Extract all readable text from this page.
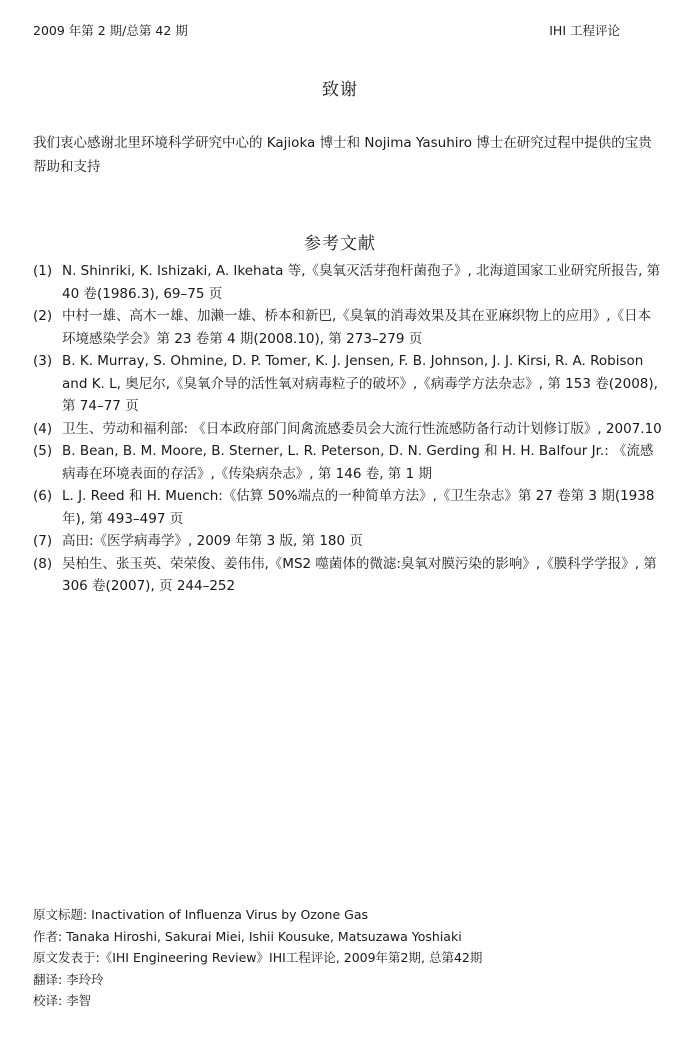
2009 年第 2 期/总第 42 期	IHI 工程评论
致谢
我们衷心感谢北里环境科学研究中心的 Kajioka 博士和 Nojima Yasuhiro 博士在研究过程中提供的宝贵帮助和支持
参考文献
(1) N. Shinriki, K. Ishizaki, A. Ikehata 等,《臭氧灭活芽孢杆菌孢子》, 北海道国家工业研究所报告, 第 40 卷(1986.3), 69–75 页
(2) 中村一雄、高木一雄、加濑一雄、桥本和新巴,《臭氧的消毒效果及其在亚麻织物上的应用》,《日本环境感染学会》第 23 卷第 4 期(2008.10), 第 273–279 页
(3) B. K. Murray, S. Ohmine, D. P. Tomer, K. J. Jensen, F. B. Johnson, J. J. Kirsi, R. A. Robison and K. L, 奥尼尔,《臭氧介导的活性氧对病毒粒子的破坏》,《病毒学方法杂志》, 第 153 卷(2008), 第 74–77 页
(4) 卫生、劳动和福利部: 《日本政府部门间禽流感委员会大流行性流感防备行动计划修订版》, 2007.10
(5) B. Bean, B. M. Moore, B. Sterner, L. R. Peterson, D. N. Gerding 和 H. H. Balfour Jr.: 《流感病毒在环境表面的存活》,《传染病杂志》, 第 146 卷, 第 1 期
(6) L. J. Reed 和 H. Muench:《估算 50%端点的一种简单方法》,《卫生杂志》第 27 卷第 3 期(1938 年), 第 493–497 页
(7) 高田:《医学病毒学》, 2009 年第 3 版, 第 180 页
(8) 吴柏生、张玉英、荣荣俊、姜伟伟,《MS2 噬菌体的微滤:臭氧对膜污染的影响》,《膜科学学报》, 第 306 卷(2007), 页 244–252
原文标题: Inactivation of Influenza Virus by Ozone Gas
作者: Tanaka Hiroshi, Sakurai Miei, Ishii Kousuke, Matsuzawa Yoshiaki
原文发表于:《IHI Engineering Review》IHI工程评论, 2009年第2期, 总第42期
翻译: 李玲玲
校译: 李智
